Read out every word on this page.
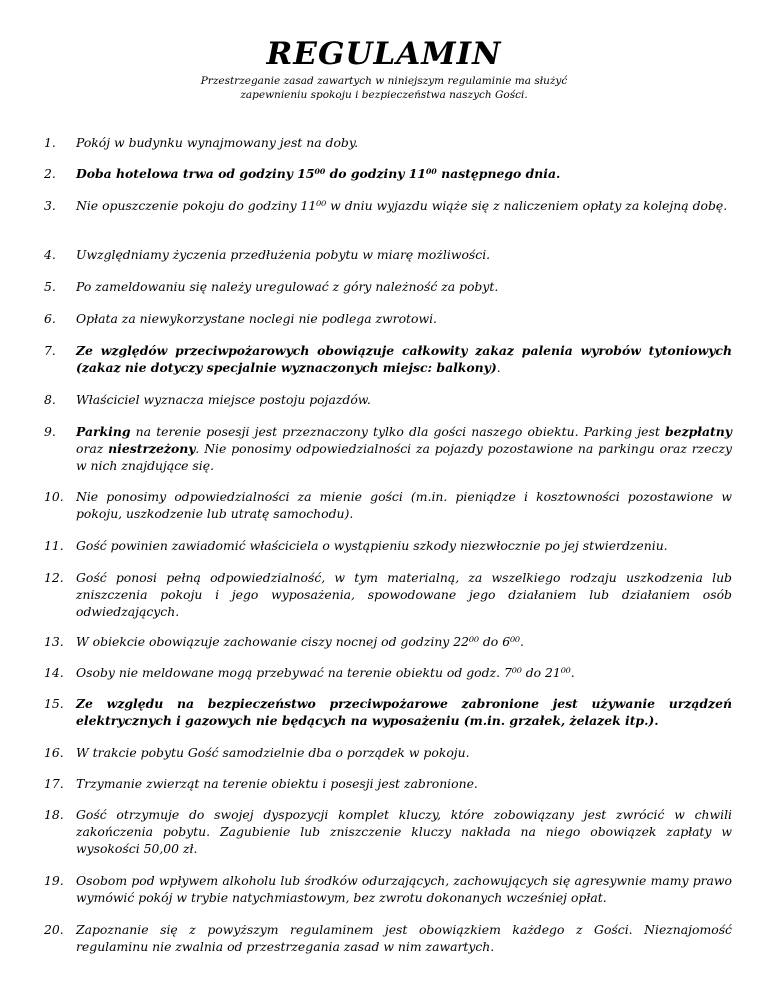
REGULAMIN
Przestrzeganie zasad zawartych w niniejszym regulaminie ma służyć
zapewnieniu spokoju i bezpieczeństwa naszych Gości.
1.	Pokój w budynku wynajmowany jest na doby.
2.	Doba hotelowa trwa od godziny 15⁰⁰ do godziny 11⁰⁰ następnego dnia.
3.	Nie opuszczenie pokoju do godziny 11⁰⁰ w dniu wyjazdu wiąże się z naliczeniem opłaty za kolejną dobę.
4.	Uwzględniamy życzenia przedłużenia pobytu w miarę możliwości.
5.	Po zameldowaniu się należy uregulować z góry należność za pobyt.
6.	Opłata za niewykorzystane noclegi nie podlega zwrotowi.
7.	Ze względów przeciwpożarowych obowiązuje całkowity zakaz palenia wyrobów tytoniowych (zakaz nie dotyczy specjalnie wyznaczonych miejsc: balkony).
8.	Właściciel wyznacza miejsce postoju pojazdów.
9.	Parking na terenie posesji jest przeznaczony tylko dla gości naszego obiektu. Parking jest bezpłatny oraz niestrzeżony. Nie ponosimy odpowiedzialności za pojazdy pozostawione na parkingu oraz rzeczy w nich znajdujące się.
10. Nie ponosimy odpowiedzialności za mienie gości (m.in. pieniądze i kosztowności pozostawione w pokoju, uszkodzenie lub utratę samochodu).
11. Gość powinien zawiadomić właściciela o wystąpieniu szkody niezwłocznie po jej stwierdzeniu.
12. Gość ponosi pełną odpowiedzialność, w tym materialną, za wszelkiego rodzaju uszkodzenia lub zniszczenia pokoju i jego wyposażenia, spowodowane jego działaniem lub działaniem osób odwiedzających.
13. W obiekcie obowiązuje zachowanie ciszy nocnej od godziny 22⁰⁰ do 6⁰⁰.
14. Osoby nie meldowane mogą przebywać na terenie obiektu od godz. 7⁰⁰ do 21⁰⁰.
15. Ze względu na bezpieczeństwo przeciwpożarowe zabronione jest używanie urządzeń elektrycznych i gazowych nie będących na wyposażeniu (m.in. grzałek, żelazek itp.).
16. W trakcie pobytu Gość samodzielnie dba o porządek w pokoju.
17. Trzymanie zwierząt na terenie obiektu i posesji jest zabronione.
18. Gość otrzymuje do swojej dyspozycji komplet kluczy, które zobowiązany jest zwrócić w chwili zakończenia pobytu. Zagubienie lub zniszczenie kluczy nakłada na niego obowiązek zapłaty w wysokości 50,00 zł.
19. Osobom pod wpływem alkoholu lub środków odurzających, zachowujących się agresywnie mamy prawo wymówić pokój w trybie natychmiastowym, bez zwrotu dokonanych wcześniej opłat.
20. Zapoznanie się z powyższym regulaminem jest obowiązkiem każdego z Gości. Nieznajomość regulaminu nie zwalnia od przestrzegania zasad w nim zawartych.
